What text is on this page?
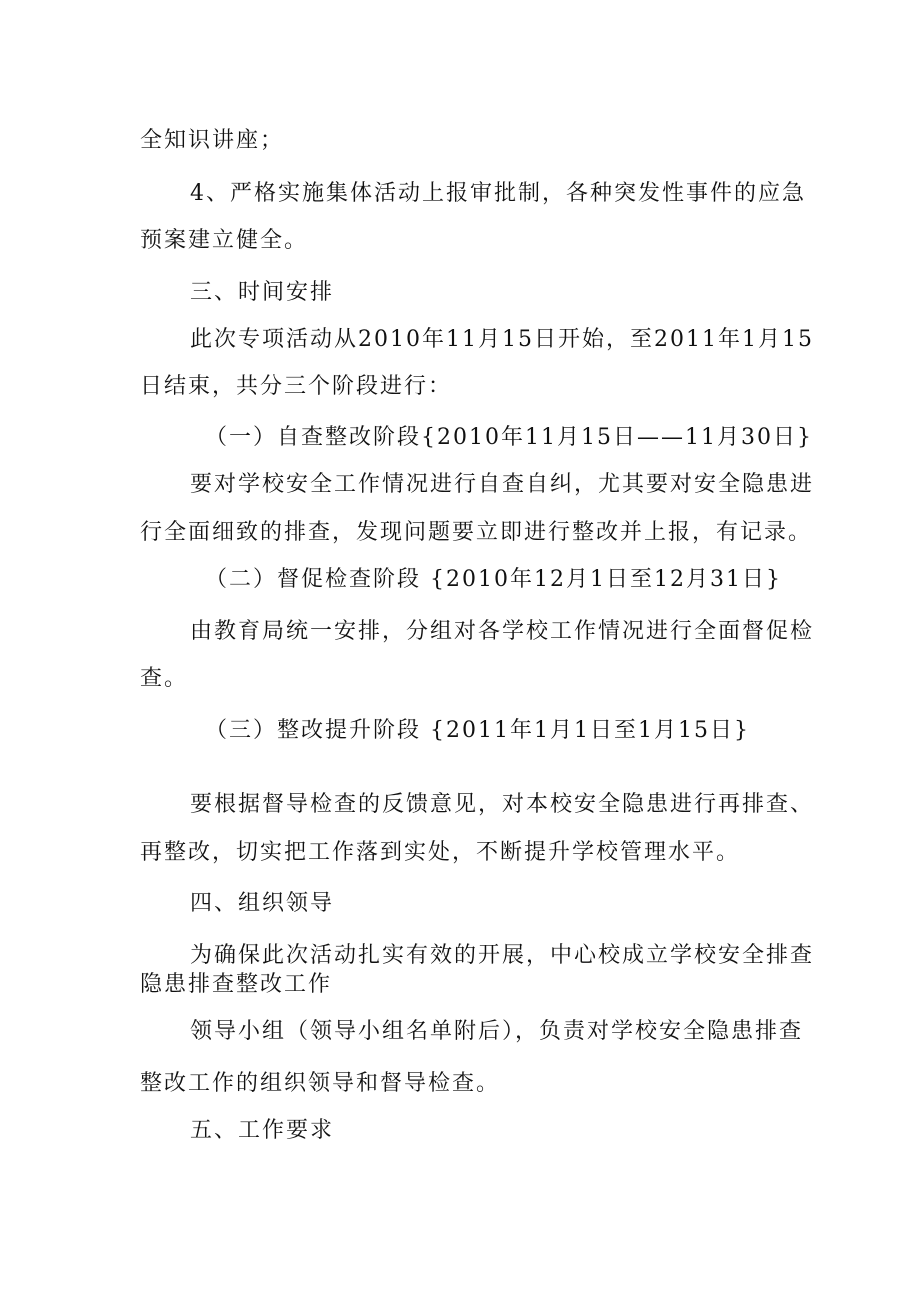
全知识讲座；
4、严格实施集体活动上报审批制，各种突发性事件的应急
预案建立健全。
三、时间安排
此次专项活动从2010年11月15日开始，至2011年1月15
日结束，共分三个阶段进行：
（一）自查整改阶段{2010年11月15日——11月30日}
要对学校安全工作情况进行自查自纠，尤其要对安全隐患进
行全面细致的排查，发现问题要立即进行整改并上报，有记录。
（二）督促检查阶段 {2010年12月1日至12月31日}
由教育局统一安排，分组对各学校工作情况进行全面督促检
查。
（三）整改提升阶段 {2011年1月1日至1月15日}
要根据督导检查的反馈意见，对本校安全隐患进行再排查、
再整改，切实把工作落到实处，不断提升学校管理水平。
四、组织领导
为确保此次活动扎实有效的开展，中心校成立学校安全排查
隐患排查整改工作
领导小组（领导小组名单附后），负责对学校安全隐患排查
整改工作的组织领导和督导检查。
五、工作要求
